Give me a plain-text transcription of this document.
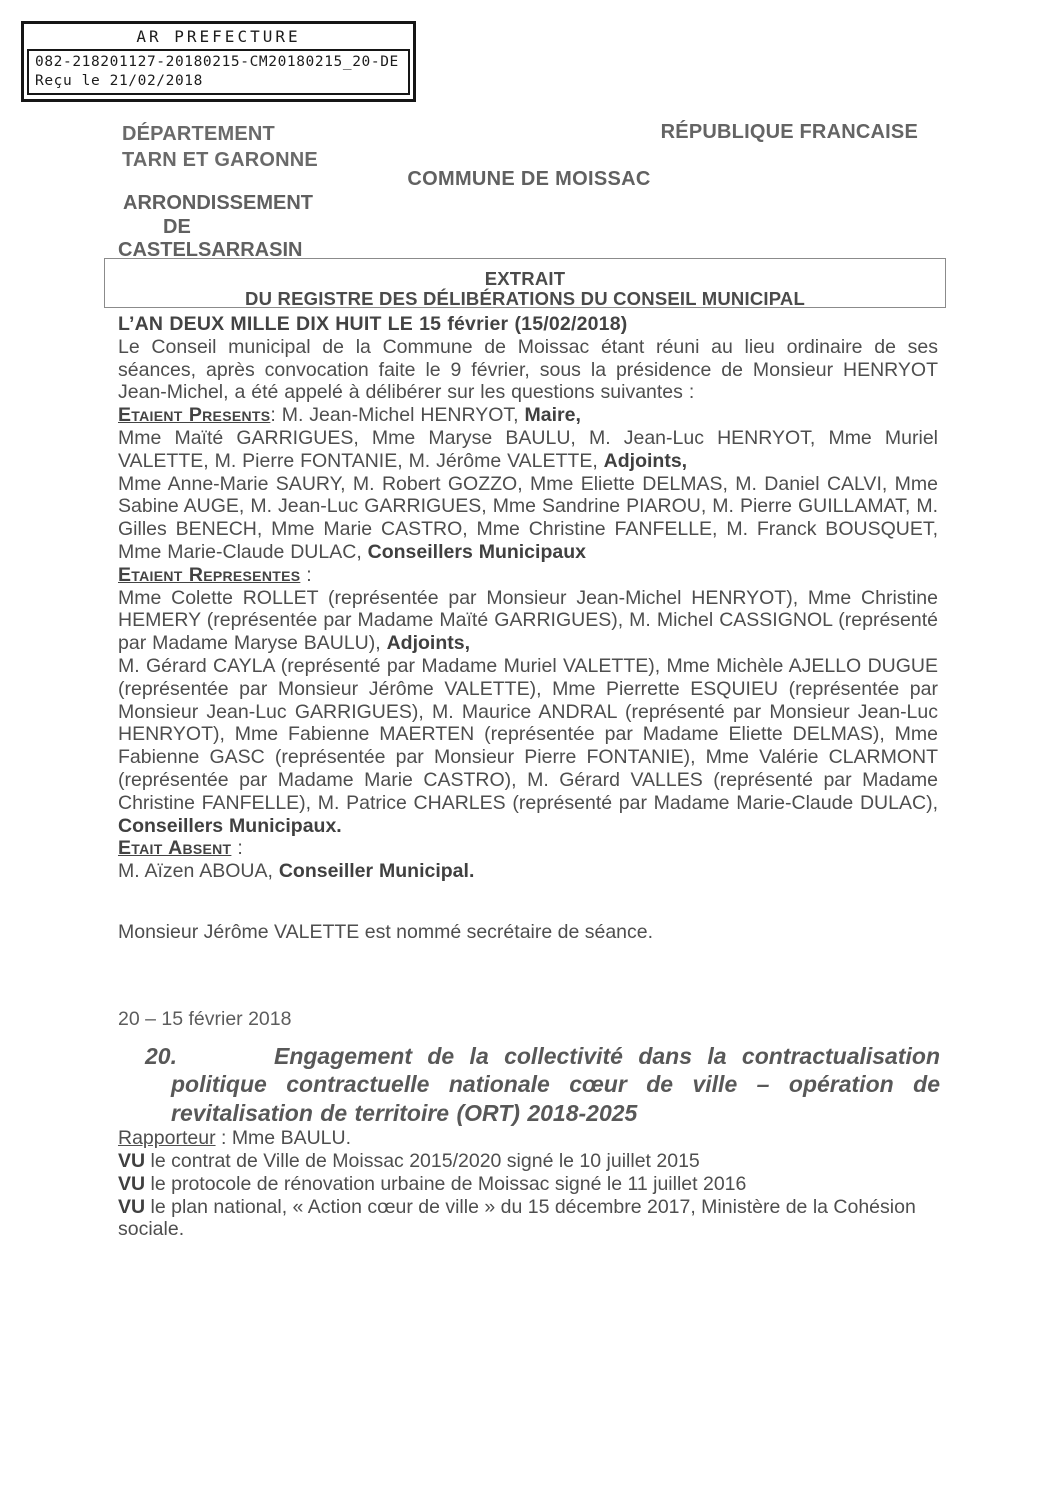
AR PREFECTURE
082-218201127-20180215-CM20180215_20-DE
Reçu le 21/02/2018
DÉPARTEMENT
TARN ET GARONNE
RÉPUBLIQUE FRANCAISE
COMMUNE DE MOISSAC
ARRONDISSEMENT
DE
CASTELSARRASIN
EXTRAIT
DU REGISTRE DES DÉLIBÉRATIONS DU CONSEIL MUNICIPAL

L’AN DEUX MILLE DIX HUIT LE 15 février (15/02/2018)

Le Conseil municipal de la Commune de Moissac étant réuni au lieu ordinaire de ses séances, après convocation faite le 9 février, sous la présidence de Monsieur HENRYOT Jean-Michel, a été appelé à délibérer sur les questions suivantes :

Etaient Presents: M. Jean-Michel HENRYOT, Maire,

Mme Maïté GARRIGUES, Mme Maryse BAULU, M. Jean-Luc HENRYOT, Mme Muriel VALETTE, M. Pierre FONTANIE, M. Jérôme VALETTE, Adjoints,

Mme Anne-Marie SAURY, M. Robert GOZZO, Mme Eliette DELMAS, M. Daniel CALVI, Mme Sabine AUGE, M. Jean-Luc GARRIGUES, Mme Sandrine PIAROU, M. Pierre GUILLAMAT, M. Gilles BENECH, Mme Marie CASTRO, Mme Christine FANFELLE, M. Franck BOUSQUET, Mme Marie-Claude DULAC, Conseillers Municipaux

Etaient Representes :

Mme Colette ROLLET (représentée par Monsieur Jean-Michel HENRYOT), Mme Christine HEMERY (représentée par Madame Maïté GARRIGUES), M. Michel CASSIGNOL (représenté par Madame Maryse BAULU), Adjoints,

M. Gérard CAYLA (représenté par Madame Muriel VALETTE), Mme Michèle AJELLO DUGUE (représentée par Monsieur Jérôme VALETTE), Mme Pierrette ESQUIEU (représentée par Monsieur Jean-Luc GARRIGUES), M. Maurice ANDRAL (représenté par Monsieur Jean-Luc HENRYOT), Mme Fabienne MAERTEN (représentée par Madame Eliette DELMAS), Mme Fabienne GASC (représentée par Monsieur Pierre FONTANIE), Mme Valérie CLARMONT (représentée par Madame Marie CASTRO), M. Gérard VALLES (représenté par Madame Christine FANFELLE), M. Patrice CHARLES (représenté par Madame Marie-Claude DULAC), Conseillers Municipaux.

Etait Absent :

M. Aïzen ABOUA, Conseiller Municipal.

Monsieur Jérôme VALETTE est nommé secrétaire de séance.

20 – 15 février 2018

20.	Engagement de la collectivité dans la contractualisation politique contractuelle nationale cœur de ville – opération de revitalisation de territoire (ORT) 2018-2025

Rapporteur : Mme BAULU.

VU le contrat de Ville de Moissac 2015/2020 signé le 10 juillet 2015

VU le protocole de rénovation urbaine de Moissac signé le 11 juillet 2016

VU le plan national, « Action cœur de ville » du 15 décembre 2017, Ministère de la Cohésion sociale.
